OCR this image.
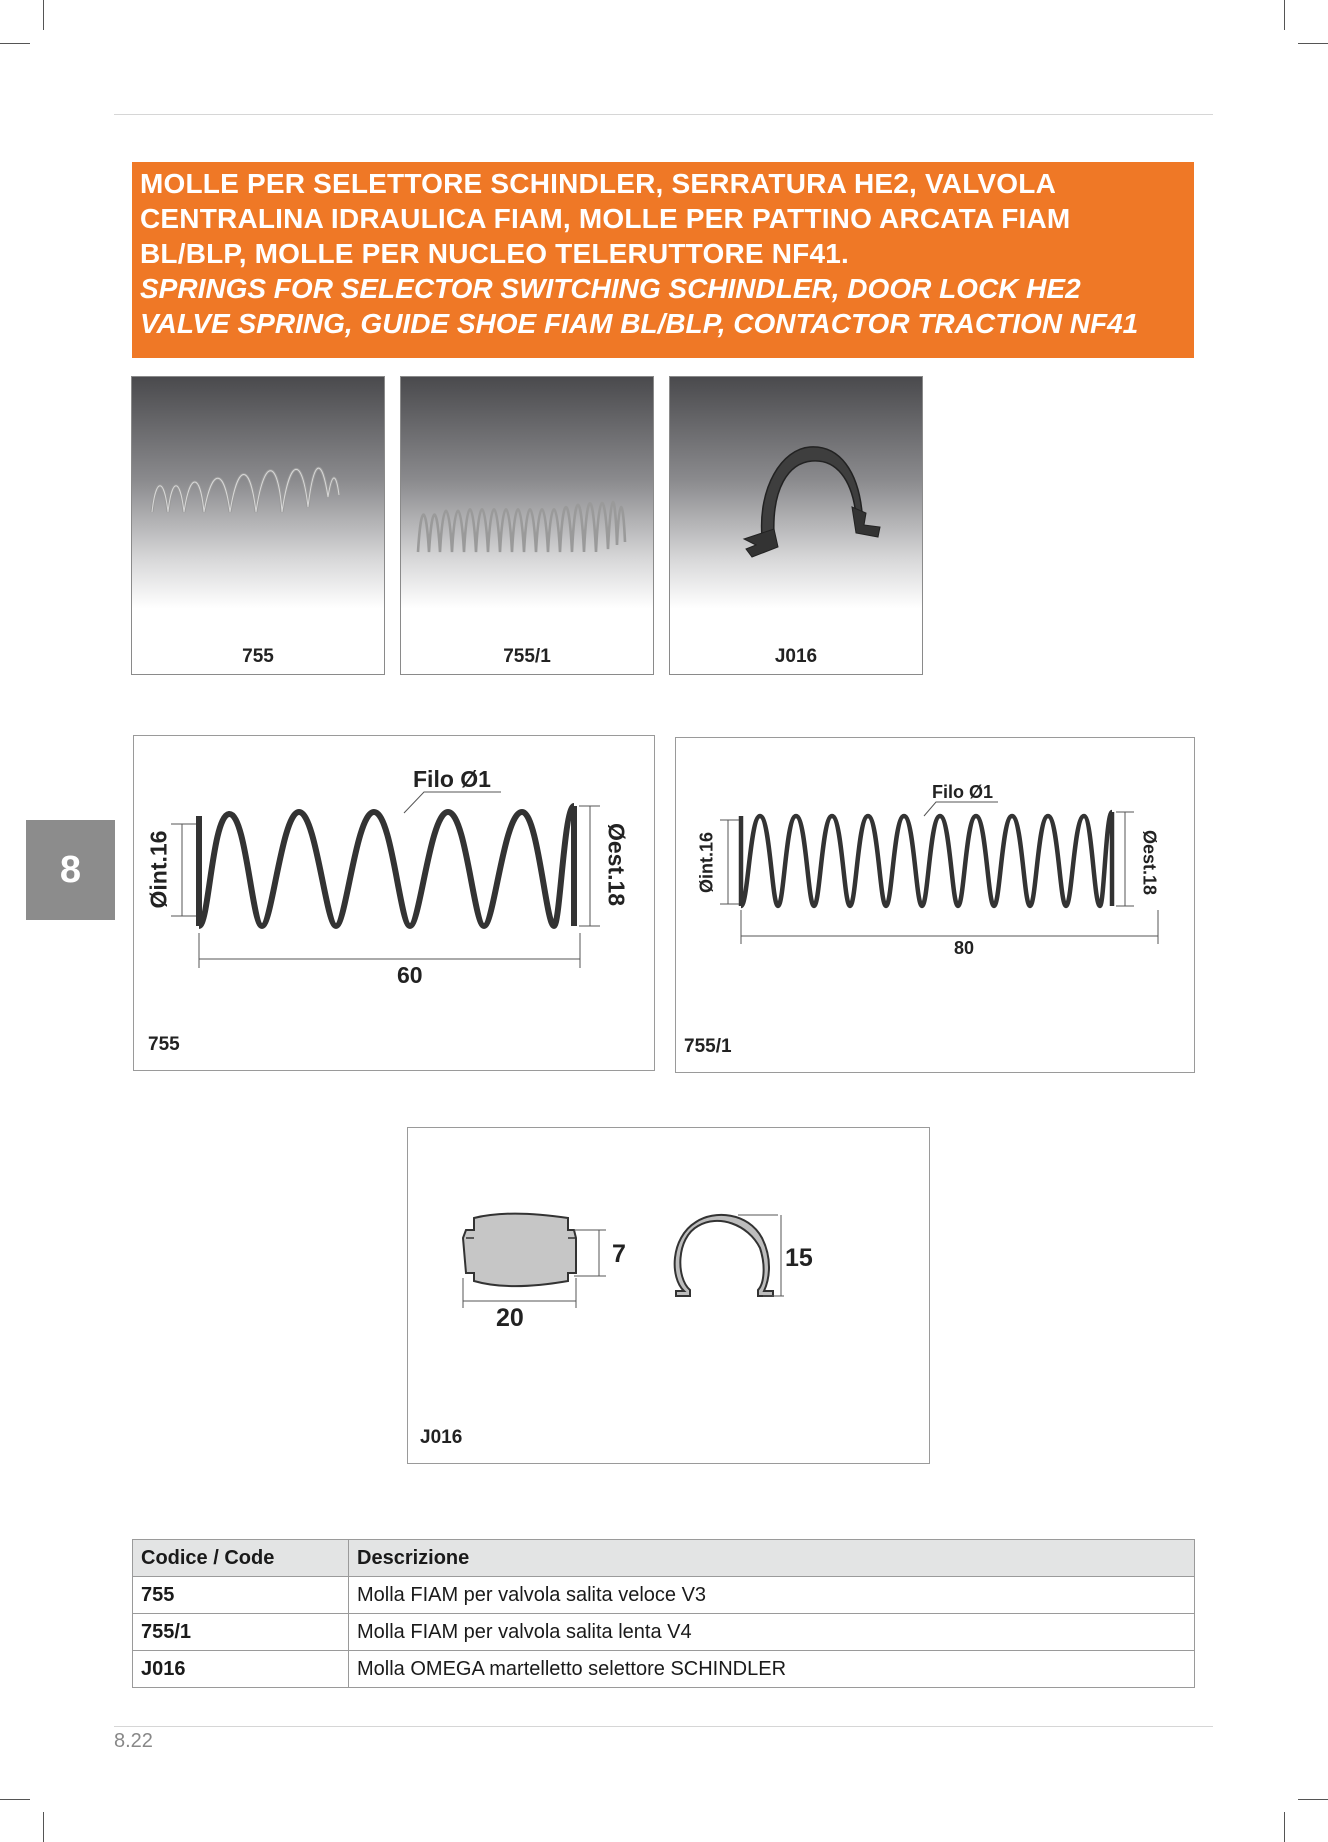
MOLLE PER SELETTORE SCHINDLER, SERRATURA HE2, VALVOLA
CENTRALINA IDRAULICA FIAM, MOLLE PER PATTINO ARCATA FIAM
BL/BLP, MOLLE PER NUCLEO TELERUTTORE NF41.
SPRINGS FOR SELECTOR SWITCHING SCHINDLER, DOOR LOCK HE2
VALVE SPRING, GUIDE SHOE FIAM BL/BLP, CONTACTOR TRACTION NF41
755	755/1	J016
Filo Ø1
Øint.16	Øest.18
60
755
Filo Ø1
Øint.16	Øest.18
80
755/1
7
20
15
J016
8
Codice / Code	Descrizione
755	Molla FIAM per valvola salita veloce V3
755/1	Molla FIAM per valvola salita lenta V4
J016	Molla OMEGA martelletto selettore SCHINDLER
8.22
